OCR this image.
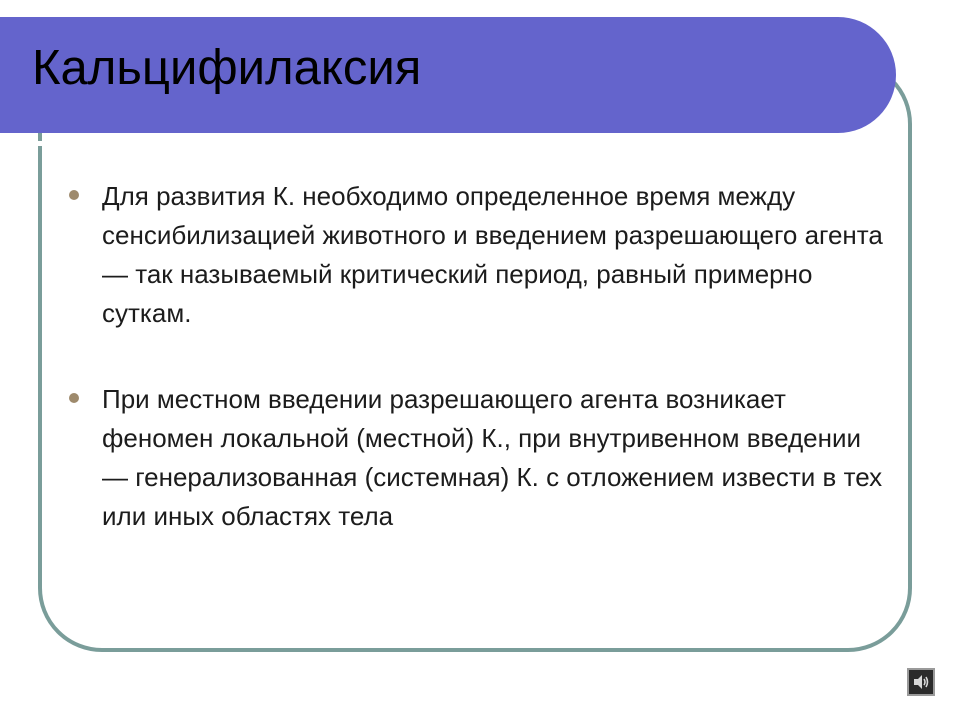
Кальцифилаксия
Для развития К. необходимо определенное время между сенсибилизацией животного и введением разрешающего агента — так называемый критический период, равный примерно суткам.
При местном введении разрешающего агента возникает феномен локальной (местной) К., при внутривенном введении — генерализованная (системная) К. с отложением извести в тех или иных областях тела
